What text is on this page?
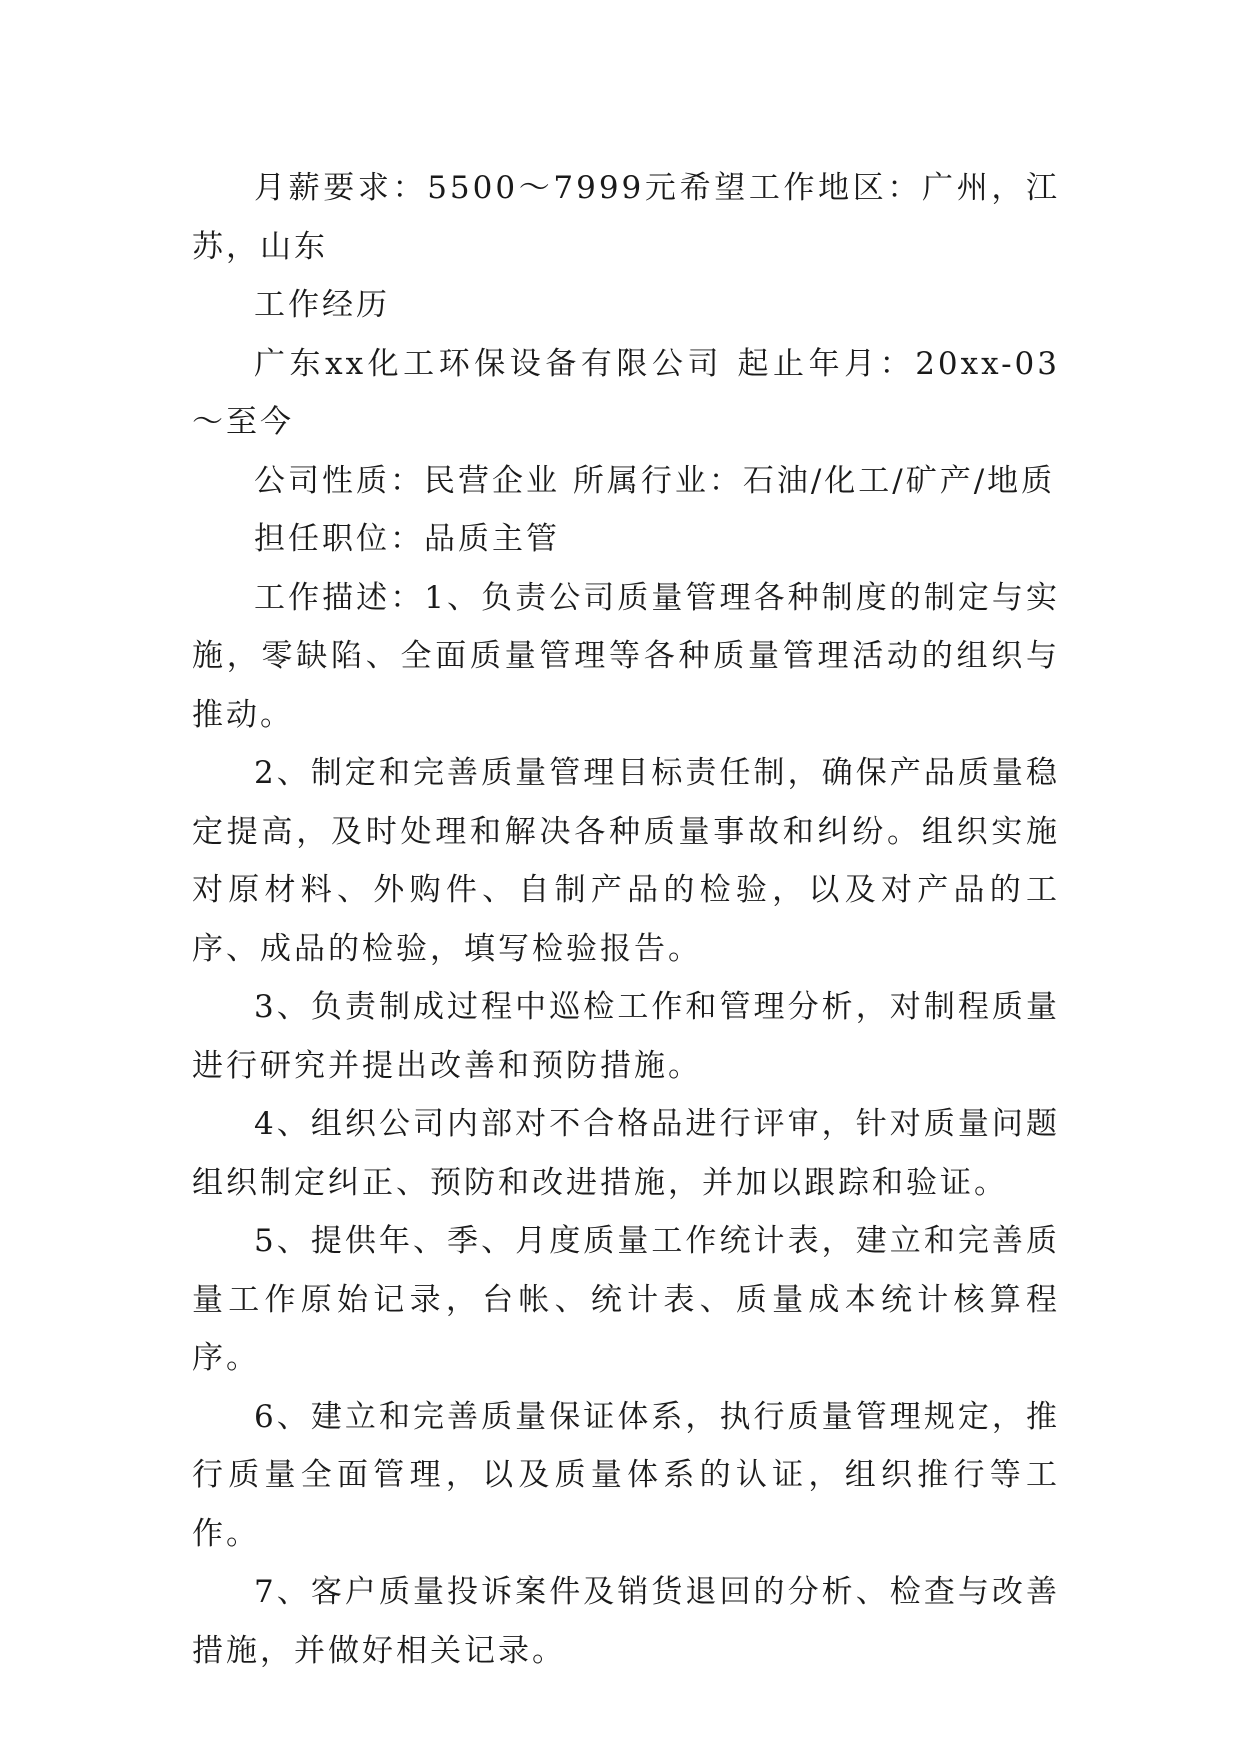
月薪要求：5500～7999元希望工作地区：广州，江苏，山东

工作经历

广东xx化工环保设备有限公司 起止年月：20xx-03～至今

公司性质：民营企业 所属行业：石油/化工/矿产/地质

担任职位：品质主管

工作描述：1、负责公司质量管理各种制度的制定与实施，零缺陷、全面质量管理等各种质量管理活动的组织与推动。

2、制定和完善质量管理目标责任制，确保产品质量稳定提高，及时处理和解决各种质量事故和纠纷。组织实施对原材料、外购件、自制产品的检验，以及对产品的工序、成品的检验，填写检验报告。

3、负责制成过程中巡检工作和管理分析，对制程质量进行研究并提出改善和预防措施。

4、组织公司内部对不合格品进行评审，针对质量问题组织制定纠正、预防和改进措施，并加以跟踪和验证。

5、提供年、季、月度质量工作统计表，建立和完善质量工作原始记录，台帐、统计表、质量成本统计核算程序。

6、建立和完善质量保证体系，执行质量管理规定，推行质量全面管理，以及质量体系的认证，组织推行等工作。

7、客户质量投诉案件及销货退回的分析、检查与改善措施，并做好相关记录。
